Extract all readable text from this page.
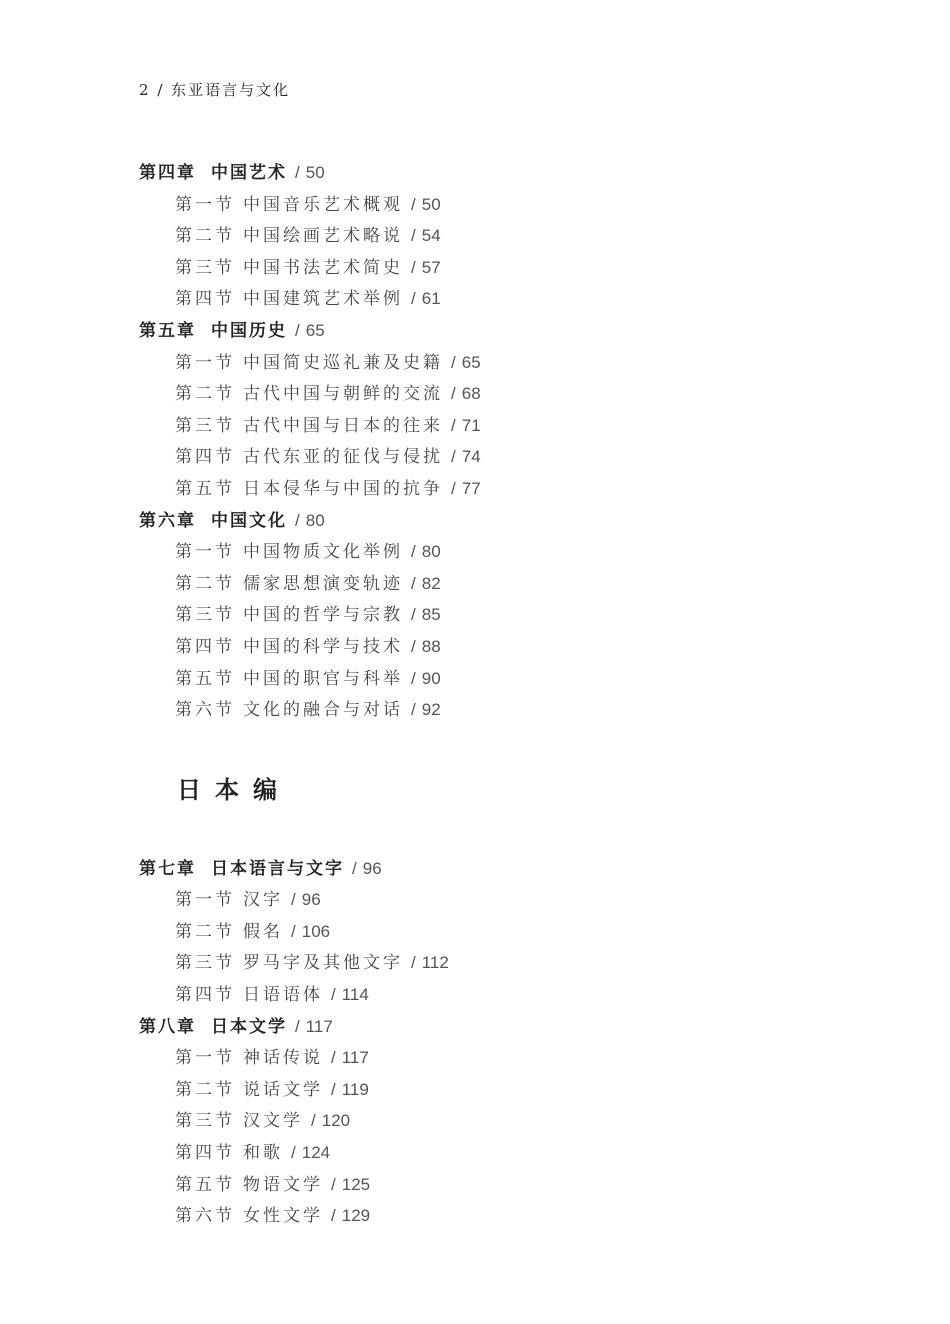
2 / 东亚语言与文化
第四章 中国艺术 / 50
第一节 中国音乐艺术概观 / 50
第二节 中国绘画艺术略说 / 54
第三节 中国书法艺术简史 / 57
第四节 中国建筑艺术举例 / 61
第五章 中国历史 / 65
第一节 中国简史巡礼兼及史籍 / 65
第二节 古代中国与朝鲜的交流 / 68
第三节 古代中国与日本的往来 / 71
第四节 古代东亚的征伐与侵扰 / 74
第五节 日本侵华与中国的抗争 / 77
第六章 中国文化 / 80
第一节 中国物质文化举例 / 80
第二节 儒家思想演变轨迹 / 82
第三节 中国的哲学与宗教 / 85
第四节 中国的科学与技术 / 88
第五节 中国的职官与科举 / 90
第六节 文化的融合与对话 / 92
日本编
第七章 日本语言与文字 / 96
第一节 汉字 / 96
第二节 假名 / 106
第三节 罗马字及其他文字 / 112
第四节 日语语体 / 114
第八章 日本文学 / 117
第一节 神话传说 / 117
第二节 说话文学 / 119
第三节 汉文学 / 120
第四节 和歌 / 124
第五节 物语文学 / 125
第六节 女性文学 / 129
